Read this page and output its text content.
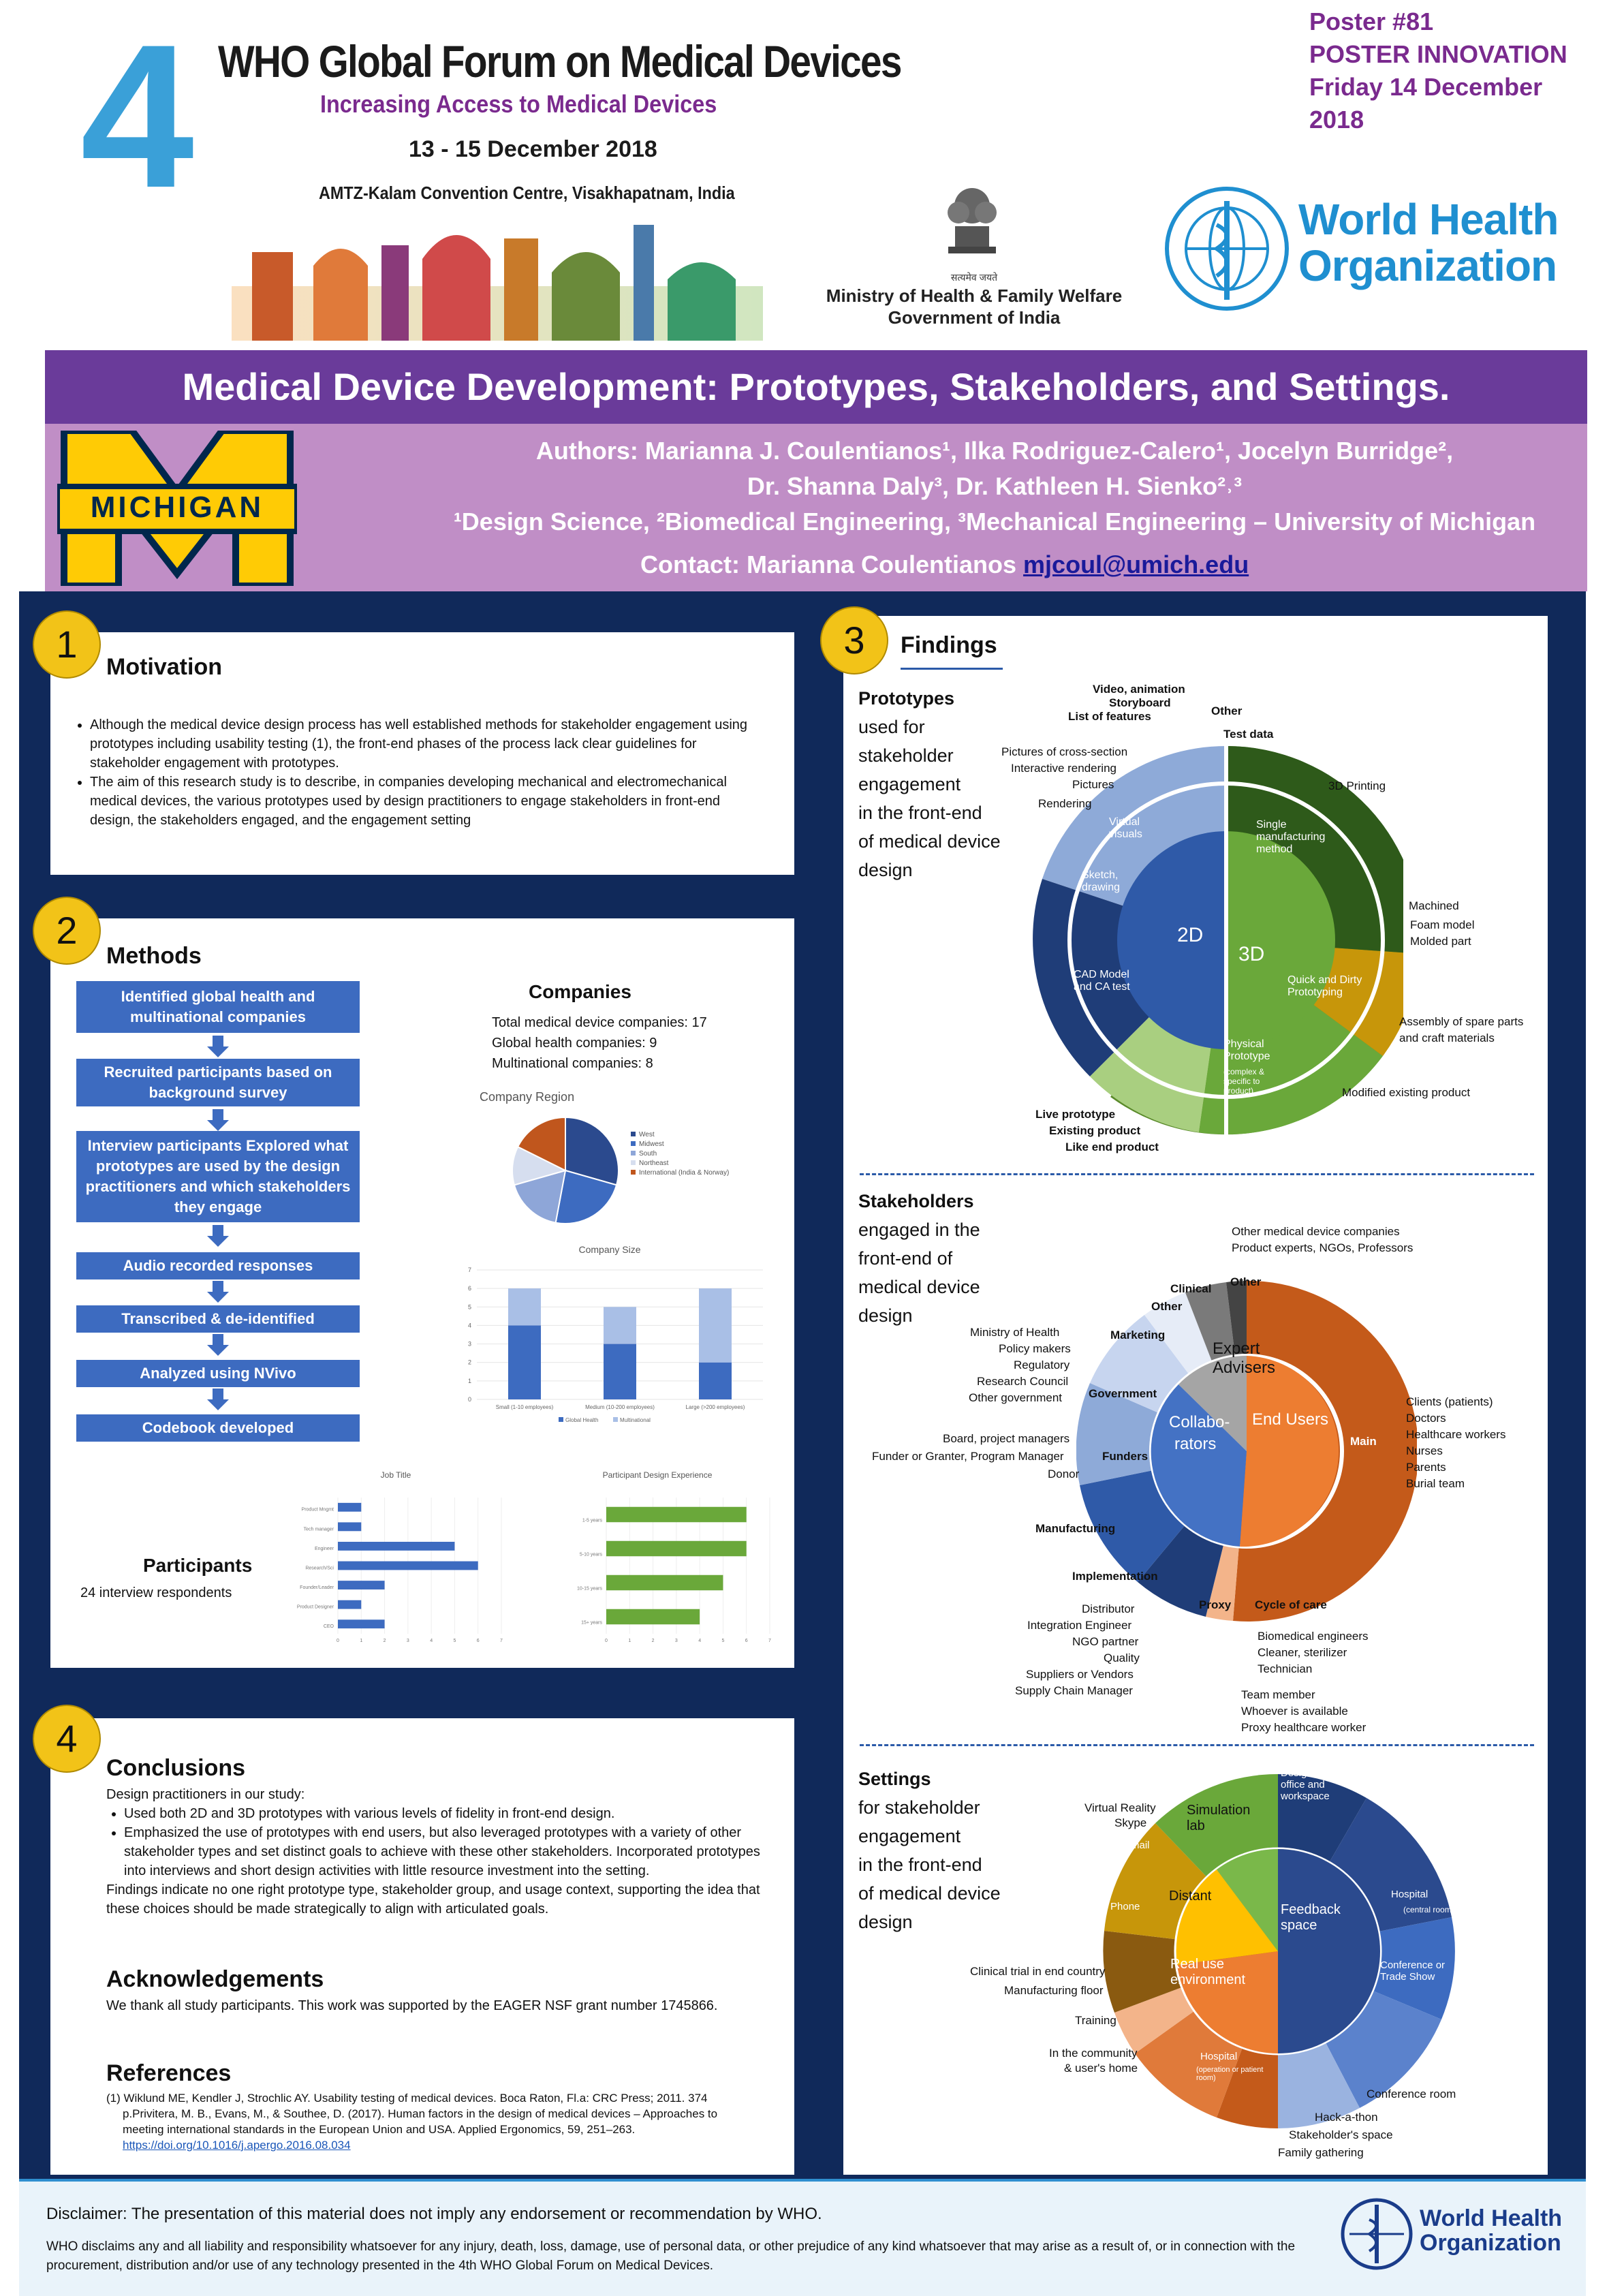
4 WHO Global Forum on Medical Devices
Increasing Access to Medical Devices
13 - 15 December 2018
AMTZ-Kalam Convention Centre, Visakhapatnam, India
Poster #81
POSTER INNOVATION
Friday 14 December
2018
सत्यमेव जयते
Ministry of Health & Family Welfare
Government of India
World Health
Organization
Medical Device Development: Prototypes, Stakeholders, and Settings.
MICHIGAN
Authors: Marianna J. Coulentianos¹, Ilka Rodriguez-Calero¹, Jocelyn Burridge²,
Dr. Shanna Daly³, Dr. Kathleen H. Sienko²˒³
¹Design Science, ²Biomedical Engineering, ³Mechanical Engineering – University of Michigan
Contact: Marianna Coulentianos mjcoul@umich.edu
1
Motivation
• Although the medical device design process has well established methods for stakeholder engagement using prototypes including usability testing (1), the front-end phases of the process lack clear guidelines for stakeholder engagement with prototypes.
• The aim of this research study is to describe, in companies developing mechanical and electromechanical medical devices, the various prototypes used by design practitioners to engage stakeholders in front-end design, the stakeholders engaged, and the engagement setting
2
Methods
Identified global health and multinational companies
Recruited participants based on background survey
Interview participants Explored what prototypes are used by the design practitioners and which stakeholders they engage
Audio recorded responses
Transcribed & de-identified
Analyzed using NVivo
Codebook developed
Companies
Total medical device companies: 17
Global health companies: 9
Multinational companies: 8
Company Region
West
Midwest
South
Northeast
International (India & Norway)
Company Size
0
1
2
3
4
5
6
7
Small (1-10 employees)	Medium (10-200 employees)	Large (>200 employees)
Global Health	Multinational
Job Title
0	1	2	3	4	5	6	7
Product Mngmt
Tech manager
Engineer
Research/Sci
Founder/Leader
Product Designer
CEO
Participant Design Experience
0	1	2	3	4	5	6	7
1-5 years
5-10 years
10-15 years
15+ years
Participants
24 interview respondents
4
Conclusions
Design practitioners in our study:
• Used both 2D and 3D prototypes with various levels of fidelity in front-end design.
• Emphasized the use of prototypes with end users, but also leveraged prototypes with a variety of other stakeholder types and set distinct goals to achieve with these other stakeholders. Incorporated prototypes into interviews and short design activities with little resource investment into the setting.
Findings indicate no one right prototype type, stakeholder group, and usage context, supporting the idea that these choices should be made strategically to align with articulated goals.
Acknowledgements
We thank all study participants. This work was supported by the EAGER NSF grant number 1745866.
References
(1) Wiklund ME, Kendler J, Strochlic AY. Usability testing of medical devices. Boca Raton, Fl.a: CRC Press; 2011. 374
p.Privitera, M. B., Evans, M., & Southee, D. (2017). Human factors in the design of medical devices – Approaches to meeting international standards in the European Union and USA. Applied Ergonomics, 59, 251–263.
https://doi.org/10.1016/j.apergo.2016.08.034
3	Findings
Prototypes
used for
stakeholder
engagement
in the front-end
of medical device
design
2D
3D
Virtual visuals
Sketch, drawing
CAD Model and CA test
Single manufacturing method
Quick and Dirty Prototyping
Physical Prototype
(complex & specific to product)
Video, animation
Storyboard
List of features	Other
Test data
Pictures of cross-section
Interactive rendering
Pictures
Rendering
3D Printing
Machined
Foam model
Molded part
Assembly of spare parts
and craft materials
Modified existing product
Live prototype
Existing product
Like end product
Stakeholders
engaged in the
front-end of
medical device
design
Expert Advisers
End Users
Collabo-
rators
Clinical
Other
Marketing
Government
Funders
Manufacturing
Implementation
Proxy Cycle of care
Main
Other
Other medical device companies
Product experts, NGOs, Professors
Ministry of Health
Policy makers
Regulatory
Research Council
Other government
Board, project managers
Funder or Granter, Program Manager
Donor
Clients (patients)
Doctors
Healthcare workers
Nurses
Parents
Burial team
Distributor
Integration Engineer
NGO partner
Quality
Suppliers or Vendors
Supply Chain Manager
Biomedical engineers
Cleaner, sterilizer
Technician
Team member
Whoever is available
Proxy healthcare worker
Settings
for stakeholder
engagement
in the front-end
of medical device
design
Simulation lab
Distant
Feedback space
Real use environment
Email
Phone
Designer's office and workspace
Hospital
(central room)
Conference or Trade Show
Hospital
(operation or patient room)
Virtual Reality
Skype
Clinical trial in end country
Manufacturing floor
Training
In the community
& user's home
Conference room
Hack-a-thon
Stakeholder's space
Family gathering
Disclaimer: The presentation of this material does not imply any endorsement or recommendation by WHO.
WHO disclaims any and all liability and responsibility whatsoever for any injury, death, loss, damage, use of personal data, or other prejudice of any kind whatsoever that may arise as a result of, or in connection with the procurement, distribution and/or use of any technology presented in the 4th WHO Global Forum on Medical Devices.
World Health
Organization
